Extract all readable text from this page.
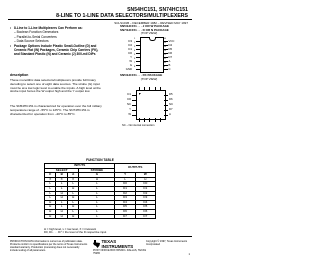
SN54HC151, SN74HC151
8-LINE TO 1-LINE DATA SELECTORS/MULTIPLEXERS
SCLS101B – DECEMBER 1982 – REVISED MAY 1997
• 8-Line to 1-Line Multiplexers Can Perform as:
– Boolean Function Generators
– Parallel-to-Serial Converters
– Data Source Selectors
• Package Options Include Plastic Small-Outline (D) and Ceramic Flat (W) Packages, Ceramic Chip Carriers (FK), and Standard Plastic (N) and Ceramic (J) 300-mil DIPs
description
These monolithic data selectors/multiplexers provide full binary decoding to select one of eight data sources. The strobe (G) input must be at a low logic level to enable the inputs. A high level at the strobe input forces the W output high and the Y output low.
The SN54HC151 is characterized for operation over the full military temperature range of –55°C to 125°C. The SN74HC151 is characterized for operation from –40°C to 85°C.
SN54HC151 . . . J OR W PACKAGE
SN74HC151 . . . D OR N PACKAGE
(TOP VIEW)
D3 1
D2 2
D1 3
D0 4
Y 5
W 6
G 7
GND 8
VCC
16
D4
15
D5
14
D6
13
D7
12
A
11
B
10
C
9
SN54HC151 . . . FK PACKAGE
(TOP VIEW)
D1
D0
NC
Y
W
D5
D6
NC
D7
A
NC – No internal connection
FUNCTION TABLE
INPUTS				OUTPUTS	
SELECT			STROBE		
C	B	A	G	Y	W
X	X	X	H	L	H
L	L	L	L	D0	D0
L	L	H	L	D1	D1
L	H	L	L	D2	D2
L	H	H	L	D3	D3
H	L	L	L	D4	D4
H	L	H	L	D5	D5
H	H	L	L	D6	D6
H	H	H	L	D7	D7
H = high level, L = low level, X = irrelevant
D0, D1 . . . D7 = the level of the D respective input
PRODUCTION DATA information is current as of publication date. Products conform to specifications per the terms of Texas Instruments standard warranty. Production processing does not necessarily include testing of all parameters.
TEXAS
INSTRUMENTS
POST OFFICE BOX 655303 • DALLAS, TEXAS 75265
Copyright © 1997, Texas Instruments Incorporated
1
